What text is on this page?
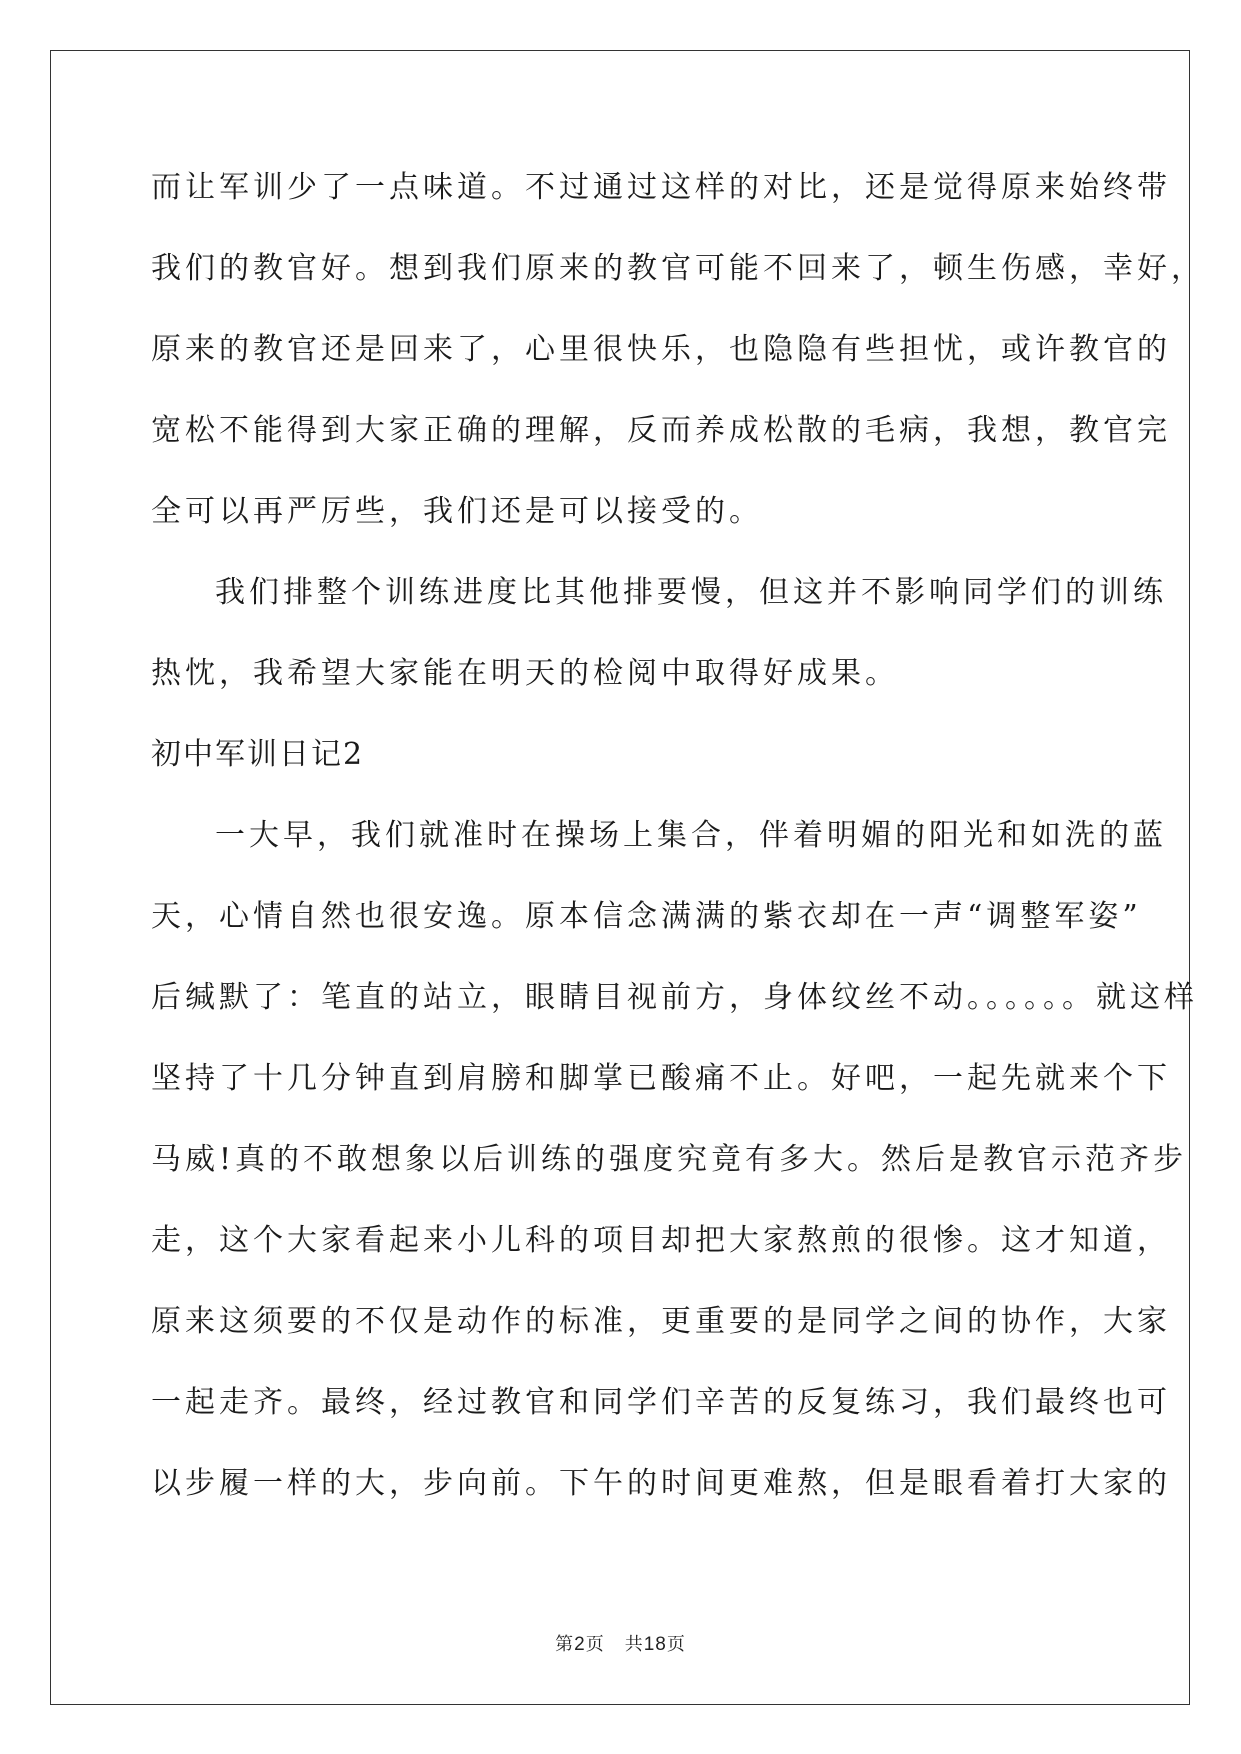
而让军训少了一点味道。不过通过这样的对比，还是觉得原来始终带
我们的教官好。想到我们原来的教官可能不回来了，顿生伤感，幸好，
原来的教官还是回来了，心里很快乐，也隐隐有些担忧，或许教官的
宽松不能得到大家正确的理解，反而养成松散的毛病，我想，教官完
全可以再严厉些，我们还是可以接受的。
我们排整个训练进度比其他排要慢，但这并不影响同学们的训练
热忱，我希望大家能在明天的检阅中取得好成果。
初中军训日记2
一大早，我们就准时在操场上集合，伴着明媚的阳光和如洗的蓝
天，心情自然也很安逸。原本信念满满的紫衣却在一声“调整军姿”
后缄默了：笔直的站立，眼睛目视前方，身体纹丝不动。。。。。。就这样
坚持了十几分钟直到肩膀和脚掌已酸痛不止。好吧，一起先就来个下
马威!真的不敢想象以后训练的强度究竟有多大。然后是教官示范齐步
走，这个大家看起来小儿科的项目却把大家熬煎的很惨。这才知道，
原来这须要的不仅是动作的标准，更重要的是同学之间的协作，大家
一起走齐。最终，经过教官和同学们辛苦的反复练习，我们最终也可
以步履一样的大，步向前。下午的时间更难熬，但是眼看着打大家的
第2页 共18页
